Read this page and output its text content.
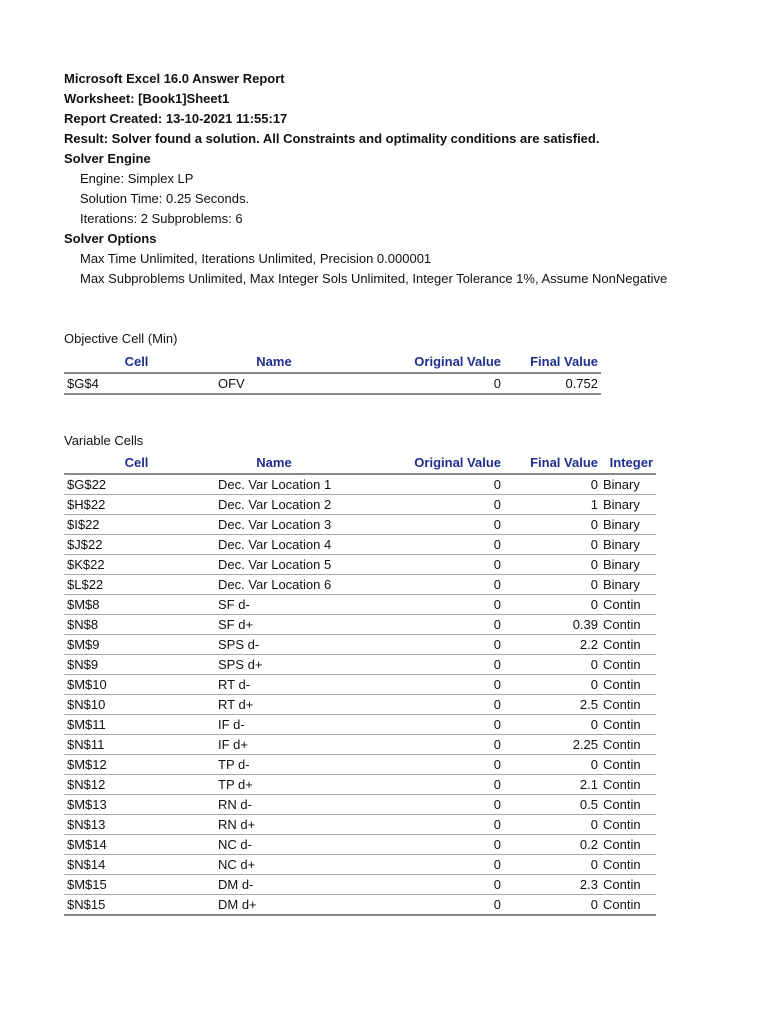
Microsoft Excel 16.0 Answer Report
Worksheet: [Book1]Sheet1
Report Created: 13-10-2021 11:55:17
Result: Solver found a solution. All Constraints and optimality conditions are satisfied.
Solver Engine
Engine: Simplex LP
Solution Time: 0.25 Seconds.
Iterations: 2 Subproblems: 6
Solver Options
Max Time Unlimited, Iterations Unlimited, Precision 0.000001
Max Subproblems Unlimited, Max Integer Sols Unlimited, Integer Tolerance 1%, Assume NonNegative
Objective Cell (Min)
Cell	Name	Original Value	Final Value
$G$4	OFV	0	0.752
Variable Cells
Cell	Name	Original Value	Final Value	Integer
$G$22	Dec. Var Location 1	0	0	Binary
$H$22	Dec. Var Location 2	0	1	Binary
$I$22	Dec. Var Location 3	0	0	Binary
$J$22	Dec. Var Location 4	0	0	Binary
$K$22	Dec. Var Location 5	0	0	Binary
$L$22	Dec. Var Location 6	0	0	Binary
$M$8	SF d-	0	0	Contin
$N$8	SF d+	0	0.39	Contin
$M$9	SPS d-	0	2.2	Contin
$N$9	SPS d+	0	0	Contin
$M$10	RT d-	0	0	Contin
$N$10	RT d+	0	2.5	Contin
$M$11	IF d-	0	0	Contin
$N$11	IF d+	0	2.25	Contin
$M$12	TP d-	0	0	Contin
$N$12	TP d+	0	2.1	Contin
$M$13	RN d-	0	0.5	Contin
$N$13	RN d+	0	0	Contin
$M$14	NC d-	0	0.2	Contin
$N$14	NC d+	0	0	Contin
$M$15	DM d-	0	2.3	Contin
$N$15	DM d+	0	0	Contin
